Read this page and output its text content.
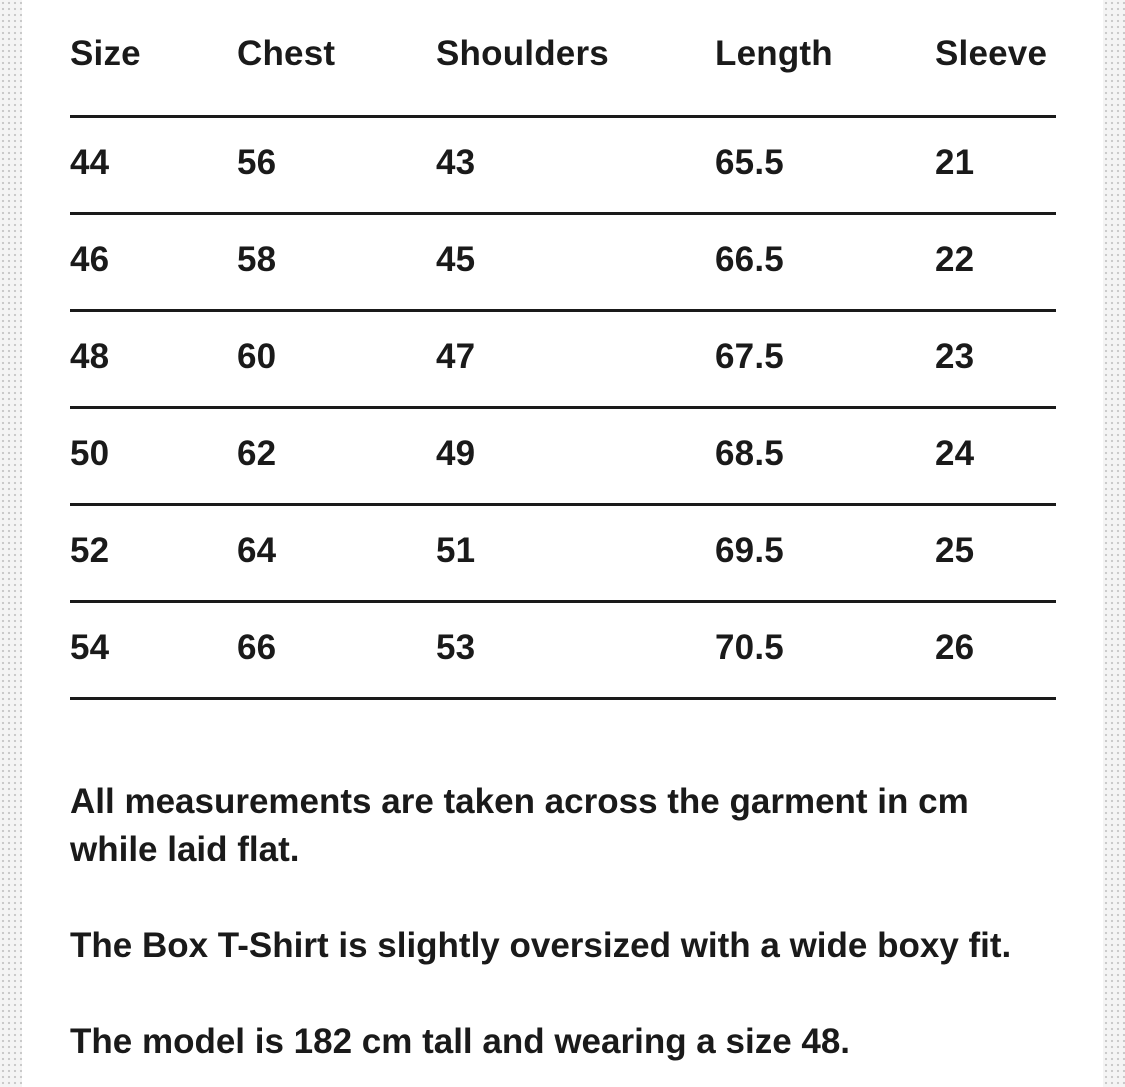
Size	Chest	Shoulders	Length	Sleeve
44	56	43	65.5	21
46	58	45	66.5	22
48	60	47	67.5	23
50	62	49	68.5	24
52	64	51	69.5	25
54	66	53	70.5	26

All measurements are taken across the garment in cm while laid flat.

The Box T-Shirt is slightly oversized with a wide boxy fit.

The model is 182 cm tall and wearing a size 48.
